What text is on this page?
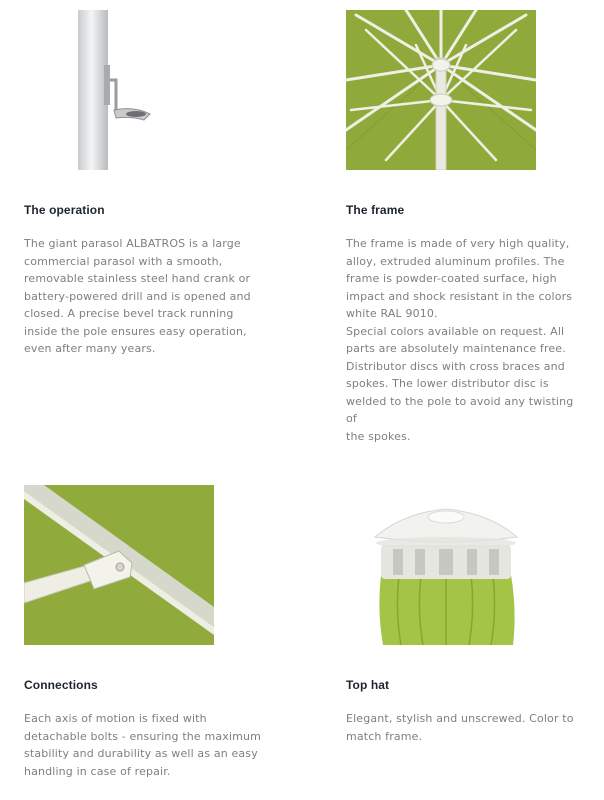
The operation

The giant parasol ALBATROS is a large
commercial parasol with a smooth,
removable stainless steel hand crank or
battery-powered drill and is opened and
closed. A precise bevel track running
inside the pole ensures easy operation,
even after many years.

The frame

The frame is made of very high quality,
alloy, extruded aluminum profiles. The
frame is powder-coated surface, high
impact and shock resistant in the colors
white RAL 9010.
Special colors available on request. All
parts are absolutely maintenance free.
Distributor discs with cross braces and
spokes. The lower distributor disc is
welded to the pole to avoid any twisting of
the spokes.

Connections

Each axis of motion is fixed with
detachable bolts - ensuring the maximum
stability and durability as well as an easy
handling in case of repair.

Top hat

Elegant, stylish and unscrewed. Color to
match frame.
